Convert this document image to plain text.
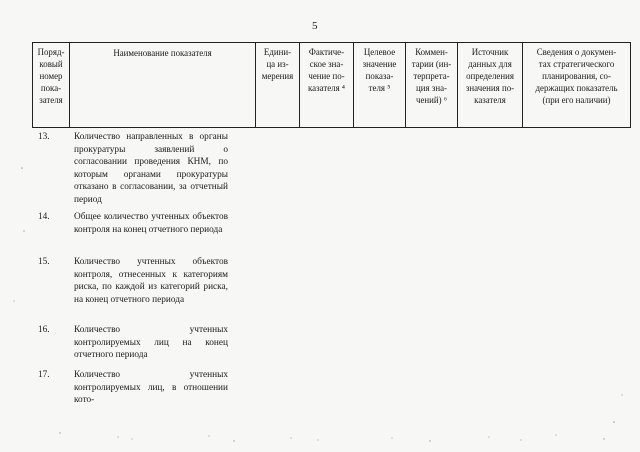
5
Поряд-
ковый
номер
пока-
зателя	Наименование показателя	Едини-
ца из-
мерения	Фактиче-
ское зна-
чение по-
казателя ⁴	Целевое
значение
показа-
теля ⁵	Коммен-
тарии (ин-
терпрета-
ция зна-
чений) ⁶	Источник
данных для
определения
значения по-
казателя	Сведения о докумен-
тах стратегического
планирования, со-
держащих показатель
(при его наличии)
13.	Количество направленных в органы прокуратуры заявлений о согласовании проведения КНМ, по которым органами прокуратуры отказано в согласовании, за отчетный период
14.	Общее количество учтенных объектов контроля на конец отчетного периода
15.	Количество учтенных объектов контроля, отнесенных к категориям риска, по каждой из категорий риска, на конец отчетного периода
16.	Количество учтенных контролируемых лиц на конец отчетного периода
17.	Количество учтенных контролируемых лиц, в отношении кото-
